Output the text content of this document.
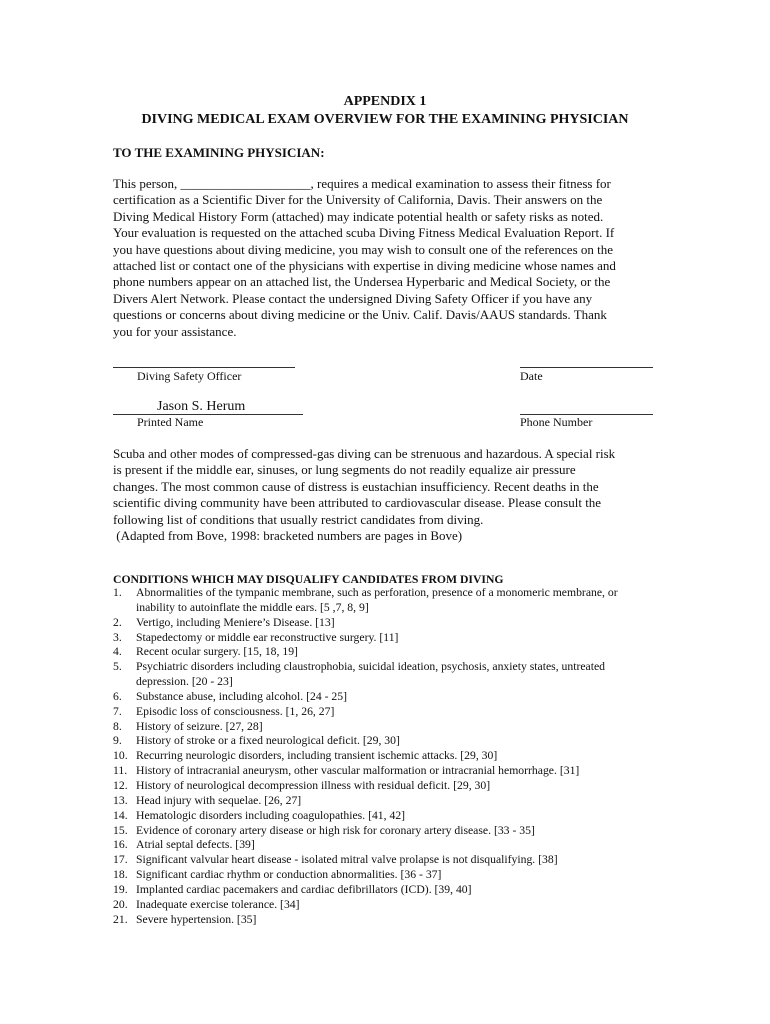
APPENDIX 1
DIVING MEDICAL EXAM OVERVIEW FOR THE EXAMINING PHYSICIAN
TO THE EXAMINING PHYSICIAN:
This person, ____________________, requires a medical examination to assess their fitness for
certification as a Scientific Diver for the University of California, Davis. Their answers on the
Diving Medical History Form (attached) may indicate potential health or safety risks as noted.
Your evaluation is requested on the attached scuba Diving Fitness Medical Evaluation Report. If
you have questions about diving medicine, you may wish to consult one of the references on the
attached list or contact one of the physicians with expertise in diving medicine whose names and
phone numbers appear on an attached list, the Undersea Hyperbaric and Medical Society, or the
Divers Alert Network. Please contact the undersigned Diving Safety Officer if you have any
questions or concerns about diving medicine or the Univ. Calif. Davis/AAUS standards. Thank
you for your assistance.
Diving Safety Officer	Date
Jason S. Herum
Printed Name	Phone Number
Scuba and other modes of compressed-gas diving can be strenuous and hazardous. A special risk
is present if the middle ear, sinuses, or lung segments do not readily equalize air pressure
changes. The most common cause of distress is eustachian insufficiency. Recent deaths in the
scientific diving community have been attributed to cardiovascular disease. Please consult the
following list of conditions that usually restrict candidates from diving.
(Adapted from Bove, 1998: bracketed numbers are pages in Bove)
CONDITIONS WHICH MAY DISQUALIFY CANDIDATES FROM DIVING
1.	Abnormalities of the tympanic membrane, such as perforation, presence of a monomeric membrane, or
inability to autoinflate the middle ears. [5 ,7, 8, 9]
2.	Vertigo, including Meniere’s Disease. [13]
3.	Stapedectomy or middle ear reconstructive surgery. [11]
4.	Recent ocular surgery. [15, 18, 19]
5.	Psychiatric disorders including claustrophobia, suicidal ideation, psychosis, anxiety states, untreated
depression. [20 - 23]
6.	Substance abuse, including alcohol. [24 - 25]
7.	Episodic loss of consciousness. [1, 26, 27]
8.	History of seizure. [27, 28]
9.	History of stroke or a fixed neurological deficit. [29, 30]
10. Recurring neurologic disorders, including transient ischemic attacks. [29, 30]
11. History of intracranial aneurysm, other vascular malformation or intracranial hemorrhage. [31]
12. History of neurological decompression illness with residual deficit. [29, 30]
13. Head injury with sequelae. [26, 27]
14. Hematologic disorders including coagulopathies. [41, 42]
15. Evidence of coronary artery disease or high risk for coronary artery disease. [33 - 35]
16. Atrial septal defects. [39]
17. Significant valvular heart disease - isolated mitral valve prolapse is not disqualifying. [38]
18. Significant cardiac rhythm or conduction abnormalities. [36 - 37]
19. Implanted cardiac pacemakers and cardiac defibrillators (ICD). [39, 40]
20. Inadequate exercise tolerance. [34]
21. Severe hypertension. [35]
